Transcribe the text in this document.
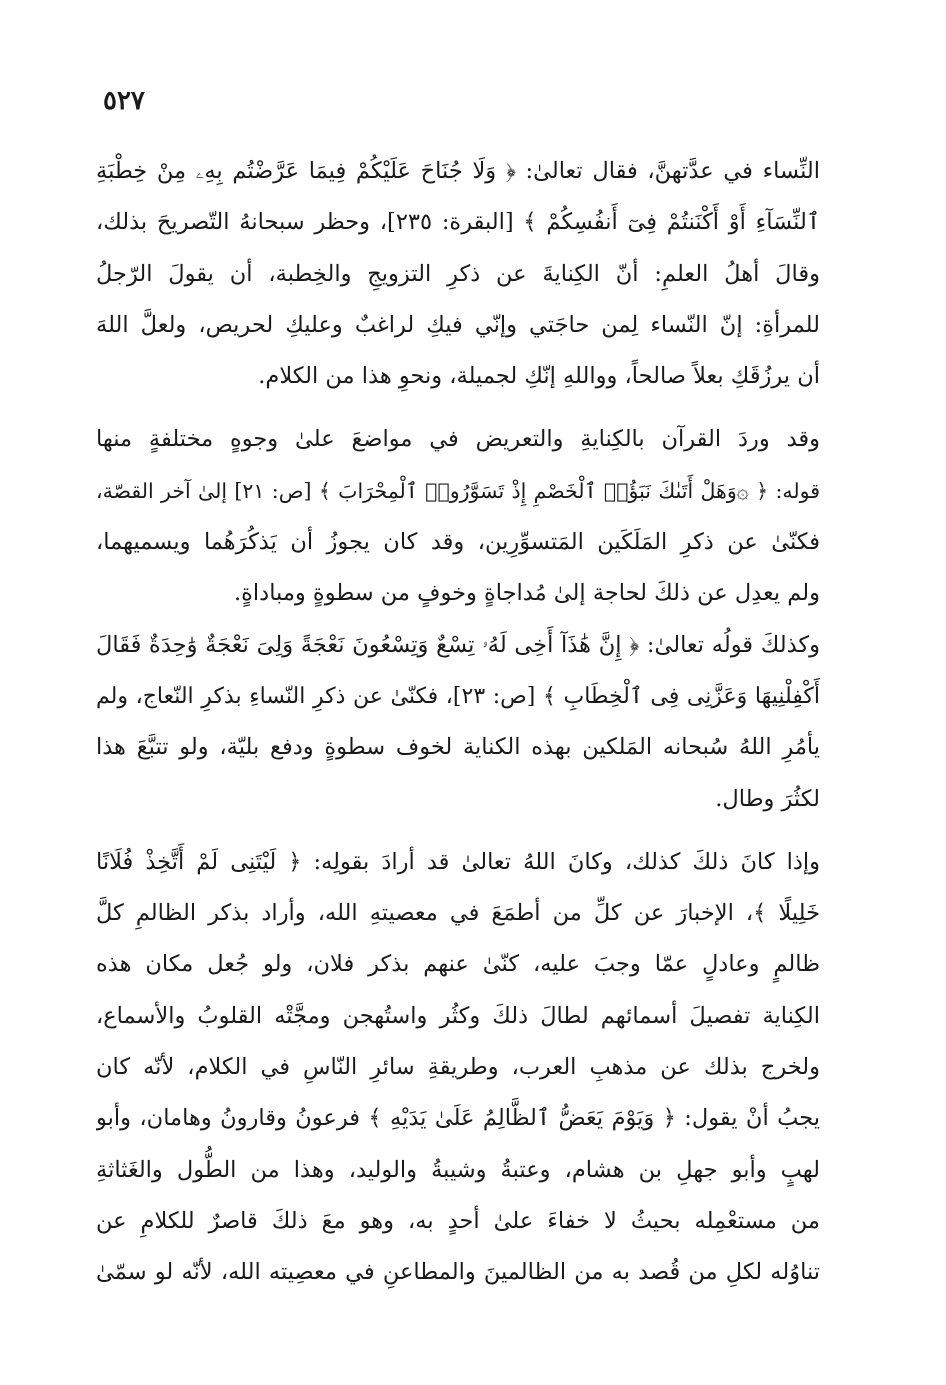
٥٢٧
النِّساء في عدَّتهنَّ، فقال تعالىٰ: ﴿ وَلَا جُنَاحَ عَلَيْكُمْ فِيمَا عَرَّضْتُم بِهِۦ مِنْ خِطْبَةِ
ٱلنِّسَآءِ أَوْ أَكْنَنتُمْ فِىٓ أَنفُسِكُمْ ﴾ [البقرة: ٢٣٥]، وحظر سبحانهُ التّصريحَ بذلك،
وقالَ أهلُ العلمِ: أنّ الكِنايةَ عن ذكرِ التزويجِ والخِطبة، أن يقولَ الرّجلُ
للمرأةِ: إنّ النّساء لِمن حاجَتي وإنّي فيكِ لراغبٌ وعليكِ لحريص، ولعلَّ اللهَ
أن يرزُقَكِ بعلاً صالحاً، وواللهِ إنّكِ لجميلة، ونحوِ هذا من الكلام.
وقد وردَ القرآن بالكِنايةِ والتعريض في مواضعَ علىٰ وجوهٍ مختلفةٍ منها
قوله: ﴿ ۞وَهَلْ أَتَىٰكَ نَبَؤُا۟ ٱلْخَصْمِ إِذْ تَسَوَّرُوا۟ ٱلْمِحْرَابَ ﴾ [ص: ٢١] إلىٰ آخر القصّة،
فكنّىٰ عن ذكرِ المَلَكَين المَتسوِّرِين، وقد كان يجوزُ أن يَذكُرَهُما ويسميهما،
ولم يعدِل عن ذلكَ لحاجة إلىٰ مُداجاةٍ وخوفٍ من سطوةٍ ومباداةٍ.
وكذلكَ قولُه تعالىٰ: ﴿ إِنَّ هَٰذَآ أَخِى لَهُۥ تِسْعٌ وَتِسْعُونَ نَعْجَةً وَلِىَ نَعْجَةٌ وَٰحِدَةٌ فَقَالَ
أَكْفِلْنِيهَا وَعَزَّنِى فِى ٱلْخِطَابِ ﴾ [ص: ٢٣]، فكنّىٰ عن ذكرِ النّساءِ بذكرِ النّعاج، ولم
يأمُرِ اللهُ سُبحانه المَلكين بهذه الكناية لخوف سطوةٍ ودفع بليّة، ولو تتبَّعَ هذا
لكثُرَ وطال.
وإذا كانَ ذلكَ كذلك، وكانَ اللهُ تعالىٰ قد أرادَ بقولِه: ﴿ لَيْتَنِى لَمْ أَتَّخِذْ فُلَانًا
خَلِيلًا ﴾، الإخبارَ عن كلِّ من أطمَعَ في معصيتهِ الله، وأراد بذكر الظالمِ كلَّ
ظالمٍ وعادلٍ عمّا وجبَ عليه، كنّىٰ عنهم بذكر فلان، ولو جُعل مكان هذه
الكِناية تفصيلَ أسمائهم لطالَ ذلكَ وكثُر واستُهجن ومجَّتْه القلوبُ والأسماع،
ولخرج بذلك عن مذهبِ العرب، وطريقةِ سائرِ النّاسِ في الكلام، لأنّه كان
يجبُ أنْ يقول: ﴿ وَيَوْمَ يَعَضُّ ٱلظَّالِمُ عَلَىٰ يَدَيْهِ ﴾ فرعونُ وقارونُ وهامان، وأبو
لهبٍ وأبو جهلِ بن هشام، وعتبةُ وشيبةُ والوليد، وهذا من الطُّول والغَثاثةِ
من مستعْمِله بحيثُ لا خفاءَ علىٰ أحدٍ به، وهو معَ ذلكَ قاصرٌ للكلامِ عن
تناوُله لكلِ من قُصد به من الظالمينَ والمطاعنِ في معصِيته الله، لأنّه لو سمّىٰ
